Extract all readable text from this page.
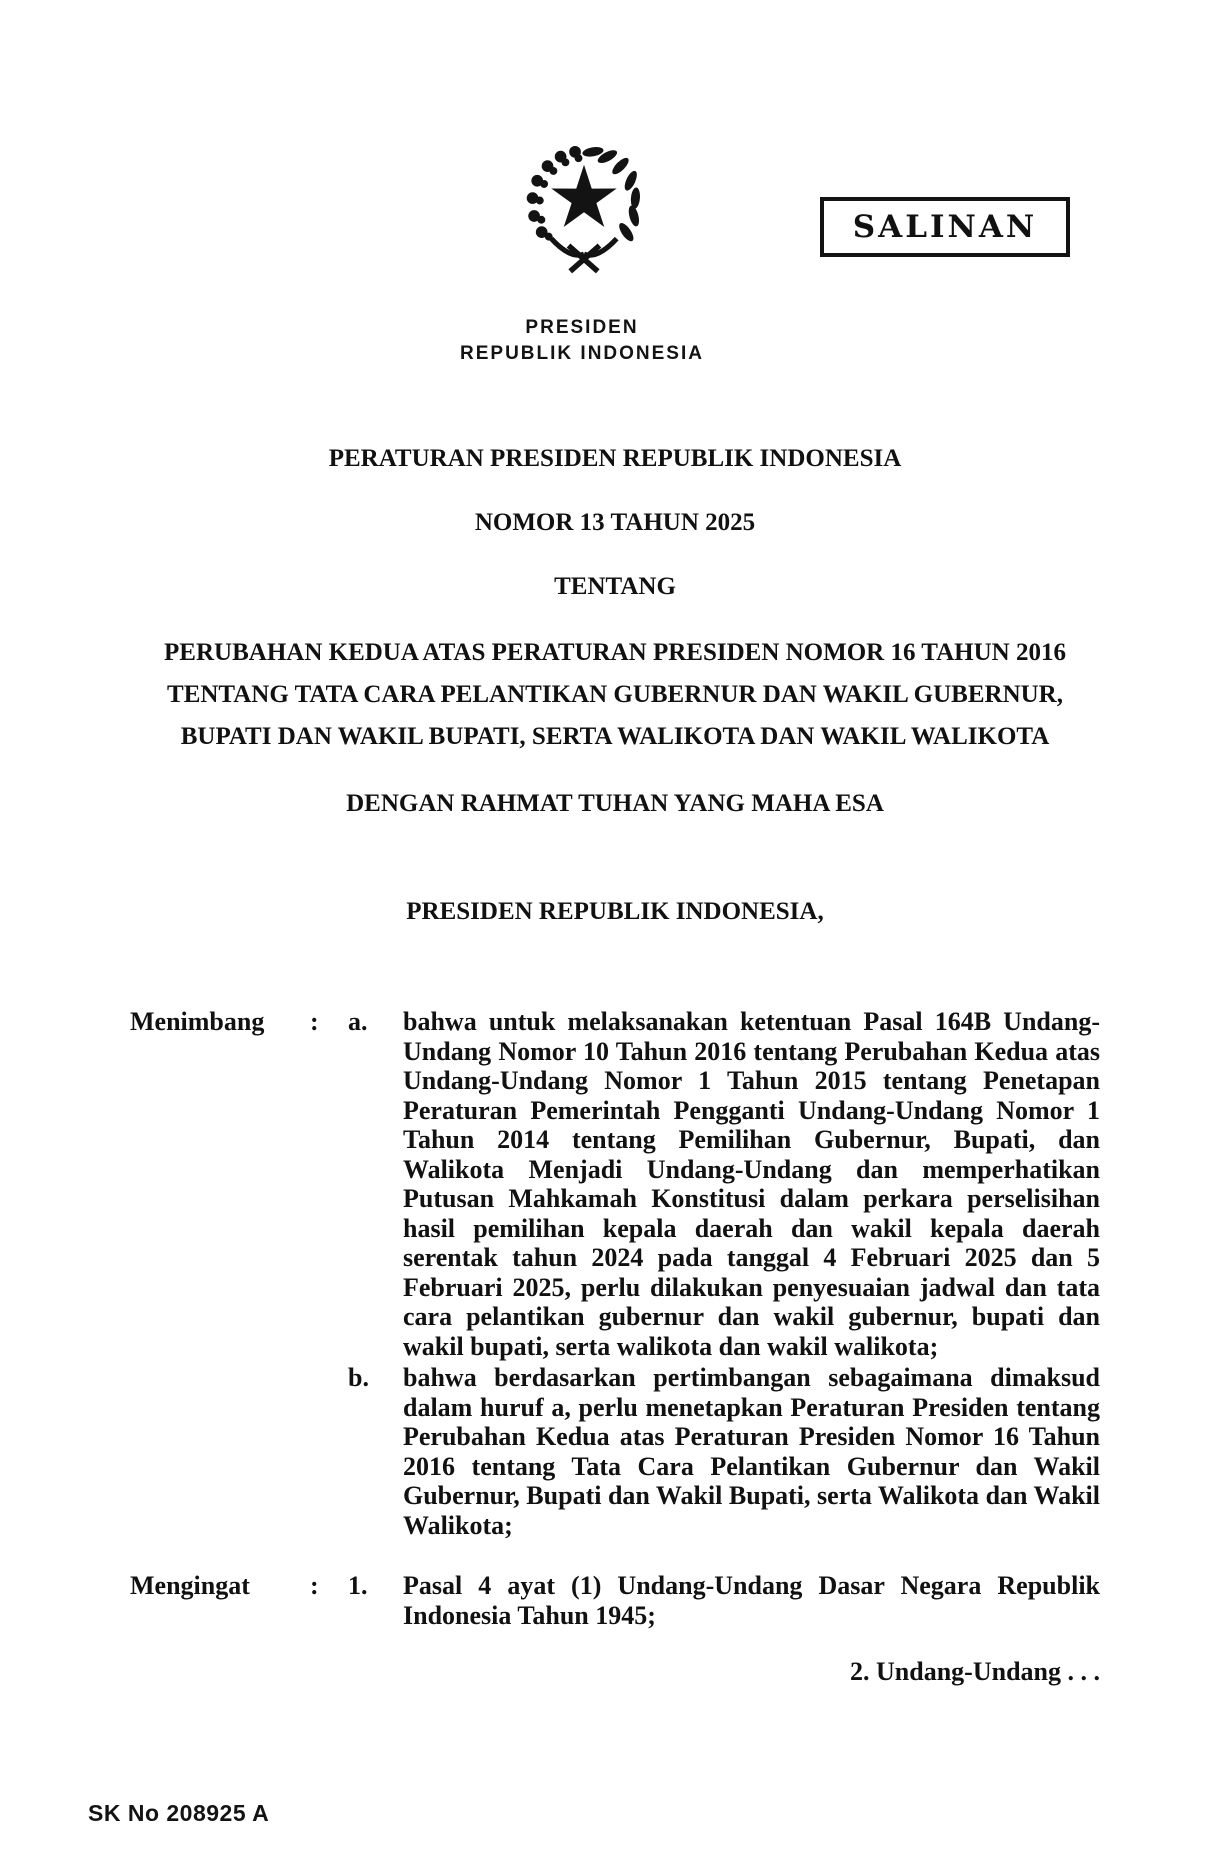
PRESIDEN
REPUBLIK INDONESIA
SALINAN
PERATURAN PRESIDEN REPUBLIK INDONESIA
NOMOR 13 TAHUN 2025
TENTANG
PERUBAHAN KEDUA ATAS PERATURAN PRESIDEN NOMOR 16 TAHUN 2016
TENTANG TATA CARA PELANTIKAN GUBERNUR DAN WAKIL GUBERNUR,
BUPATI DAN WAKIL BUPATI, SERTA WALIKOTA DAN WAKIL WALIKOTA
DENGAN RAHMAT TUHAN YANG MAHA ESA
PRESIDEN REPUBLIK INDONESIA,
Menimbang	:	a.	bahwa untuk melaksanakan ketentuan Pasal 164B Undang-Undang Nomor 10 Tahun 2016 tentang Perubahan Kedua atas Undang-Undang Nomor 1 Tahun 2015 tentang Penetapan Peraturan Pemerintah Pengganti Undang-Undang Nomor 1 Tahun 2014 tentang Pemilihan Gubernur, Bupati, dan Walikota Menjadi Undang-Undang dan memperhatikan Putusan Mahkamah Konstitusi dalam perkara perselisihan hasil pemilihan kepala daerah dan wakil kepala daerah serentak tahun 2024 pada tanggal 4 Februari 2025 dan 5 Februari 2025, perlu dilakukan penyesuaian jadwal dan tata cara pelantikan gubernur dan wakil gubernur, bupati dan wakil bupati, serta walikota dan wakil walikota;
b.	bahwa berdasarkan pertimbangan sebagaimana dimaksud dalam huruf a, perlu menetapkan Peraturan Presiden tentang Perubahan Kedua atas Peraturan Presiden Nomor 16 Tahun 2016 tentang Tata Cara Pelantikan Gubernur dan Wakil Gubernur, Bupati dan Wakil Bupati, serta Walikota dan Wakil Walikota;
Mengingat	:	1.	Pasal 4 ayat (1) Undang-Undang Dasar Negara Republik Indonesia Tahun 1945;
2. Undang-Undang . . .
SK No 208925 A
